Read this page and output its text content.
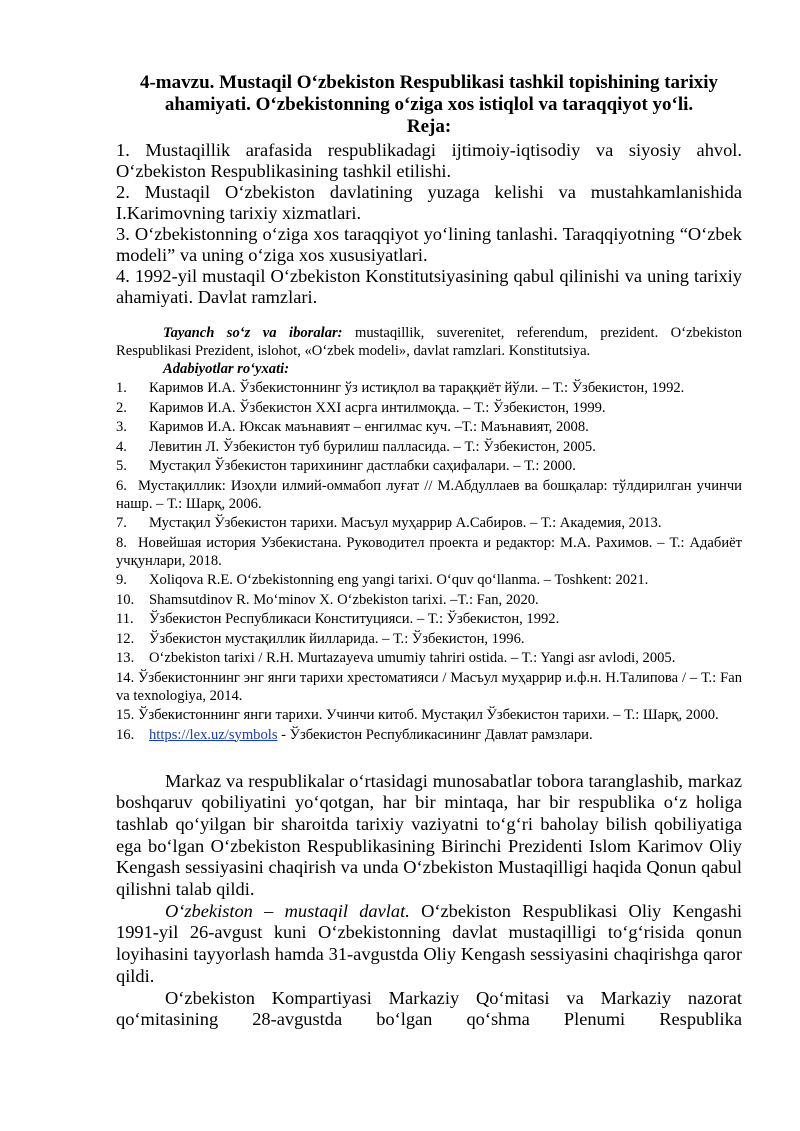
4-mavzu. Mustaqil O‘zbekiston Respublikasi tashkil topishining tarixiy
ahamiyati. O‘zbekistonning o‘ziga xos istiqlol va taraqqiyot yo‘li.
Reja:

1. Mustaqillik arafasida respublikadagi ijtimoiy-iqtisodiy va siyosiy ahvol. O‘zbekiston Respublikasining tashkil etilishi.

2. Mustaqil O‘zbekiston davlatining yuzaga kelishi va mustahkamlanishida I.Karimovning tarixiy xizmatlari.

3. O‘zbekistonning o‘ziga xos taraqqiyot yo‘lining tanlashi. Taraqqiyotning “O‘zbek modeli” va uning o‘ziga xos xususiyatlari.

4. 1992-yil mustaqil O‘zbekiston Konstitutsiyasining qabul qilinishi va uning tarixiy ahamiyati. Davlat ramzlari.

Tayanch so‘z va iboralar: mustaqillik, suverenitet, referendum, prezident. O‘zbekiston Respublikasi Prezident, islohot, «O‘zbek modeli», davlat ramzlari. Konstitutsiya.

Adabiyotlar ro‘yxati:
1. Каримов И.А. Ўзбекистоннинг ўз истиқлол ва тараққиёт йўли. – Т.: Ўзбекистон, 1992.
2. Каримов И.А. Ўзбекистон XXI асрга интилмоқда. – Т.: Ўзбекистон, 1999.
3. Каримов И.А. Юксак маънавият – енгилмас куч. –Т.: Маънавият, 2008.
4. Левитин Л. Ўзбекистон туб бурилиш палласида. – Т.: Ўзбекистон, 2005.
5. Мустақил Ўзбекистон тарихининг дастлабки саҳифалари. – Т.: 2000.
6. Мустақиллик: Изоҳли илмий-оммабоп луғат // М.Абдуллаев ва бошқалар: тўлдирилган учинчи нашр. – Т.: Шарқ, 2006.
7. Мустақил Ўзбекистон тарихи. Масъул муҳаррир А.Сабиров. – Т.: Академия, 2013.
8. Новейшая история Узбекистана. Руководител проекта и редактор: М.А. Рахимов. – Т.: Адабиёт учқунлари, 2018.
9. Xoliqova R.E. O‘zbekistonning eng yangi tarixi. O‘quv qo‘llanma. – Toshkent: 2021.
10. Shamsutdinov R. Mo‘minov X. O‘zbekiston tarixi. –T.: Fan, 2020.
11. Ўзбекистон Республикаси Конституцияси. – Т.: Ўзбекистон, 1992.
12. Ўзбекистон мустақиллик йилларида. – Т.: Ўзбекистон, 1996.
13. O‘zbekiston tarixi / R.H. Murtazayeva umumiy tahriri ostida. – T.: Yangi asr avlodi, 2005.
14. Ўзбекистоннинг энг янги тарихи хрестоматияси / Масъул муҳаррир и.ф.н. Н.Талипова / – Т.: Fan va texnologiya, 2014.
15. Ўзбекистоннинг янги тарихи. Учинчи китоб. Мустақил Ўзбекистон тарихи. – Т.: Шарқ, 2000.
16. https://lex.uz/symbols - Ўзбекистон Республикасининг Давлат рамзлари.

Markaz va respublikalar o‘rtasidagi munosabatlar tobora taranglashib, markaz boshqaruv qobiliyatini yo‘qotgan, har bir mintaqa, har bir respublika o‘z holiga tashlab qo‘yilgan bir sharoitda tarixiy vaziyatni to‘g‘ri baholay bilish qobiliyatiga ega bo‘lgan O‘zbekiston Respublikasining Birinchi Prezidenti Islom Karimov Oliy Kengash sessiyasini chaqirish va unda O‘zbekiston Mustaqilligi haqida Qonun qabul qilishni talab qildi.

O‘zbekiston – mustaqil davlat. O‘zbekiston Respublikasi Oliy Kengashi 1991-yil 26-avgust kuni O‘zbekistonning davlat mustaqilligi to‘g‘risida qonun loyihasini tayyorlash hamda 31-avgustda Oliy Kengash sessiyasini chaqirishga qaror qildi.

O‘zbekiston Kompartiyasi Markaziy Qo‘mitasi va Markaziy nazorat qo‘mitasining 28-avgustda bo‘lgan qo‘shma Plenumi Respublika
